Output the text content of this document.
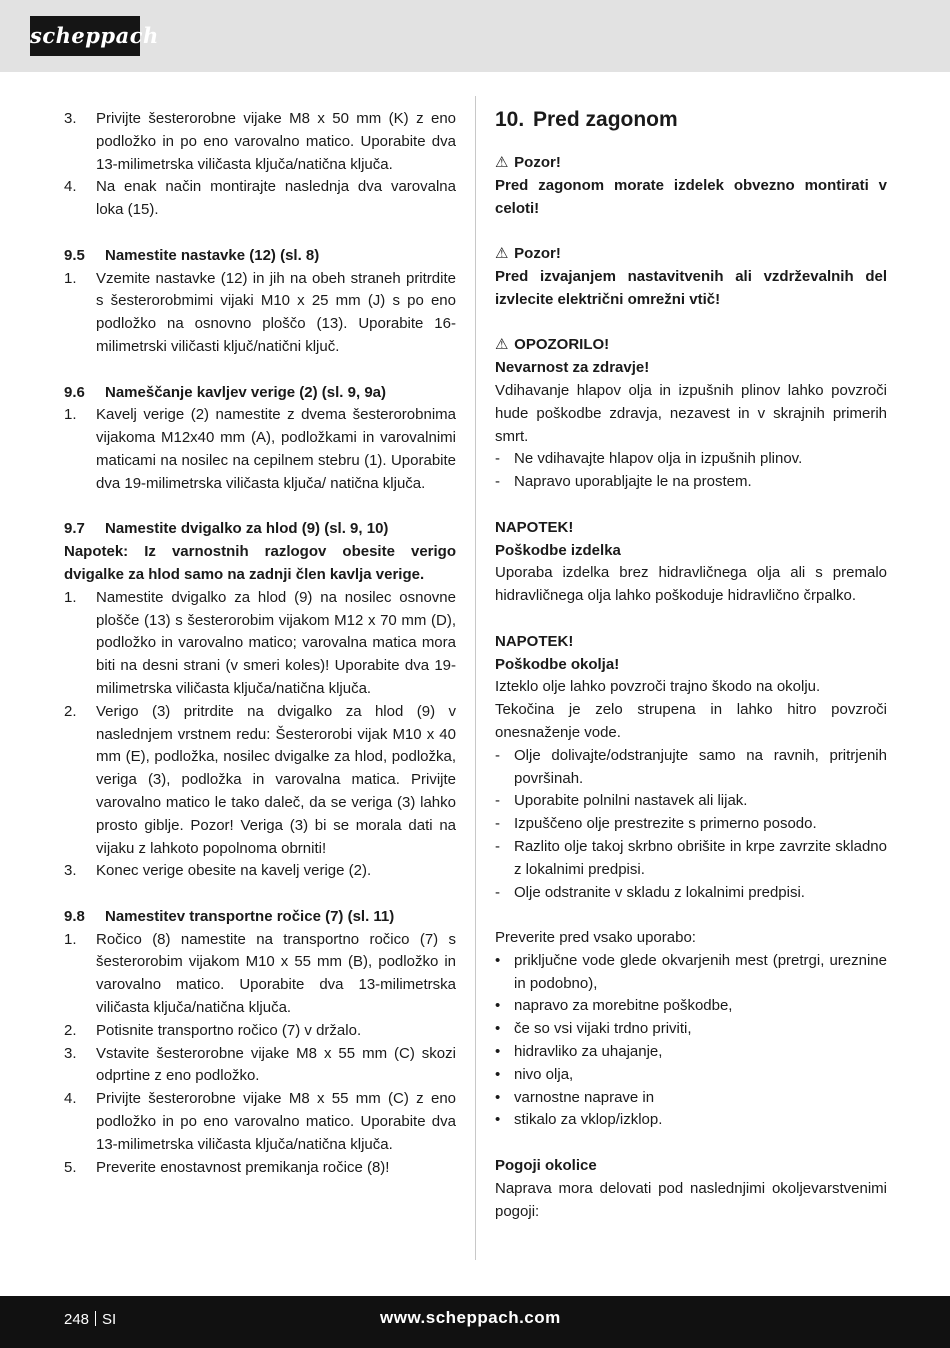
scheppach
3. Privijte šesterorobne vijake M8 x 50 mm (K) z eno podložko in po eno varovalno matico. Uporabite dva 13-milimetrska viličasta ključa/natična ključa.
4. Na enak način montirajte naslednja dva varovalna loka (15).
9.5 Namestite nastavke (12) (sl. 8)
1. Vzemite nastavke (12) in jih na obeh straneh pritrdite s šesterorobmimi vijaki M10 x 25 mm (J) s po eno podložko na osnovno ploščo (13). Uporabite 16-milimetrski viličasti ključ/natični ključ.
9.6 Nameščanje kavljev verige (2) (sl. 9, 9a)
1. Kavelj verige (2) namestite z dvema šesterorobnima vijakoma M12x40 mm (A), podložkami in varovalnimi maticami na nosilec na cepilnem stebru (1). Uporabite dva 19-milimetrska viličasta ključa/ natična ključa.
9.7 Namestite dvigalko za hlod (9) (sl. 9, 10)

Napotek: Iz varnostnih razlogov obesite verigo dvigalke za hlod samo na zadnji člen kavlja verige.

1. Namestite dvigalko za hlod (9) na nosilec osnovne plošče (13) s šesterorobim vijakom M12 x 70 mm (D), podložko in varovalno matico; varovalna matica mora biti na desni strani (v smeri koles)! Uporabite dva 19-milimetrska viličasta ključa/natična ključa.
2. Verigo (3) pritrdite na dvigalko za hlod (9) v naslednjem vrstnem redu: Šesterorobi vijak M10 x 40 mm (E), podložka, nosilec dvigalke za hlod, podložka, veriga (3), podložka in varovalna matica. Privijte varovalno matico le tako daleč, da se veriga (3) lahko prosto giblje. Pozor! Veriga (3) bi se morala dati na vijaku z lahkoto popolnoma obrniti!
3. Konec verige obesite na kavelj verige (2).
9.8 Namestitev transportne ročice (7) (sl. 11)
1. Ročico (8) namestite na transportno ročico (7) s šesterorobim vijakom M10 x 55 mm (B), podložko in varovalno matico. Uporabite dva 13-milimetrska viličasta ključa/natična ključa.
2. Potisnite transportno ročico (7) v držalo.
3. Vstavite šesterorobne vijake M8 x 55 mm (C) skozi odprtine z eno podložko.
4. Privijte šesterorobne vijake M8 x 55 mm (C) z eno podložko in po eno varovalno matico. Uporabite dva 13-milimetrska viličasta ključa/natična ključa.
5. Preverite enostavnost premikanja ročice (8)!
10. Pred zagonom

⚠ Pozor!

Pred zagonom morate izdelek obvezno montirati v celoti!

⚠ Pozor!

Pred izvajanjem nastavitvenih ali vzdrževalnih del izvlecite električni omrežni vtič!

⚠ OPOZORILO!

Nevarnost za zdravje!

Vdihavanje hlapov olja in izpušnih plinov lahko povzroči hude poškodbe zdravja, nezavest in v skrajnih primerih smrt.

- Ne vdihavajte hlapov olja in izpušnih plinov.
- Napravo uporabljajte le na prostem.

NAPOTEK!

Poškodbe izdelka

Uporaba izdelka brez hidravličnega olja ali s premalo hidravličnega olja lahko poškoduje hidravlično črpalko.

NAPOTEK!

Poškodbe okolja!

Izteklo olje lahko povzroči trajno škodo na okolju.

Tekočina je zelo strupena in lahko hitro povzroči onesnaženje vode.

- Olje dolivajte/odstranjujte samo na ravnih, pritrjenih površinah.
- Uporabite polnilni nastavek ali lijak.
- Izpuščeno olje prestrezite s primerno posodo.
- Razlito olje takoj skrbno obrišite in krpe zavrzite skladno z lokalnimi predpisi.
- Olje odstranite v skladu z lokalnimi predpisi.

Preverite pred vsako uporabo:

• priključne vode glede okvarjenih mest (pretrgi, ureznine in podobno),
• napravo za morebitne poškodbe,
• če so vsi vijaki trdno priviti,
• hidravliko za uhajanje,
• nivo olja,
• varnostne naprave in
• stikalo za vklop/izklop.

Pogoji okolice

Naprava mora delovati pod naslednjimi okoljevarstvenimi pogoji:

248 SI	www.scheppach.com
